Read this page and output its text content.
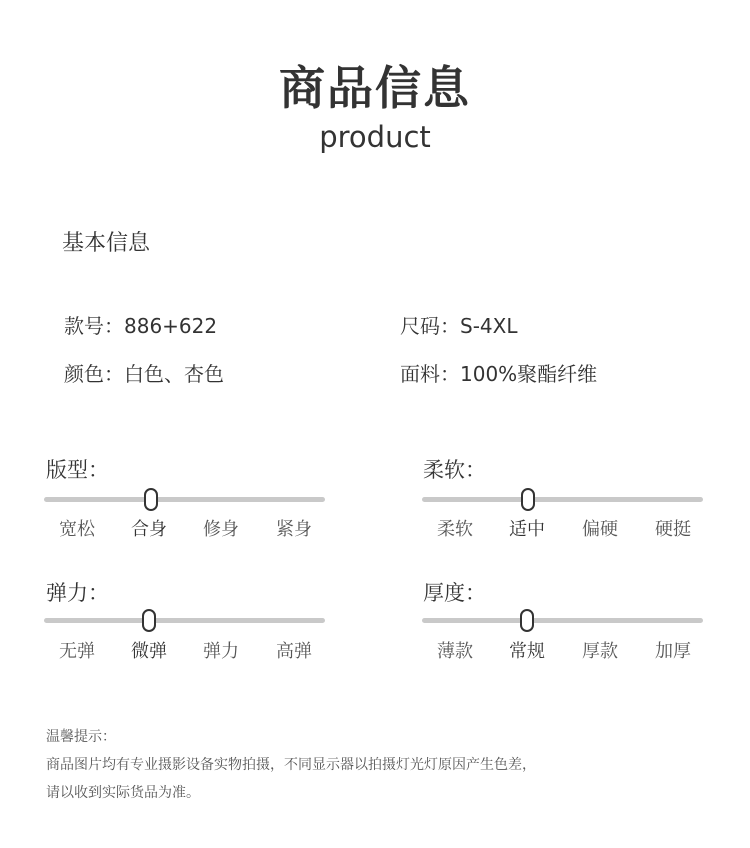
商品信息
product
基本信息
款号：886+622	尺码：S-4XL
颜色：白色、杏色	面料：100%聚酯纤维
版型：
宽松	合身	修身	紧身
柔软：
柔软	适中	偏硬	硬挺
弹力：
无弹	微弹	弹力	高弹
厚度：
薄款	常规	厚款	加厚
温馨提示：
商品图片均有专业摄影设备实物拍摄，不同显示器以拍摄灯光灯原因产生色差，
请以收到实际货品为准。
